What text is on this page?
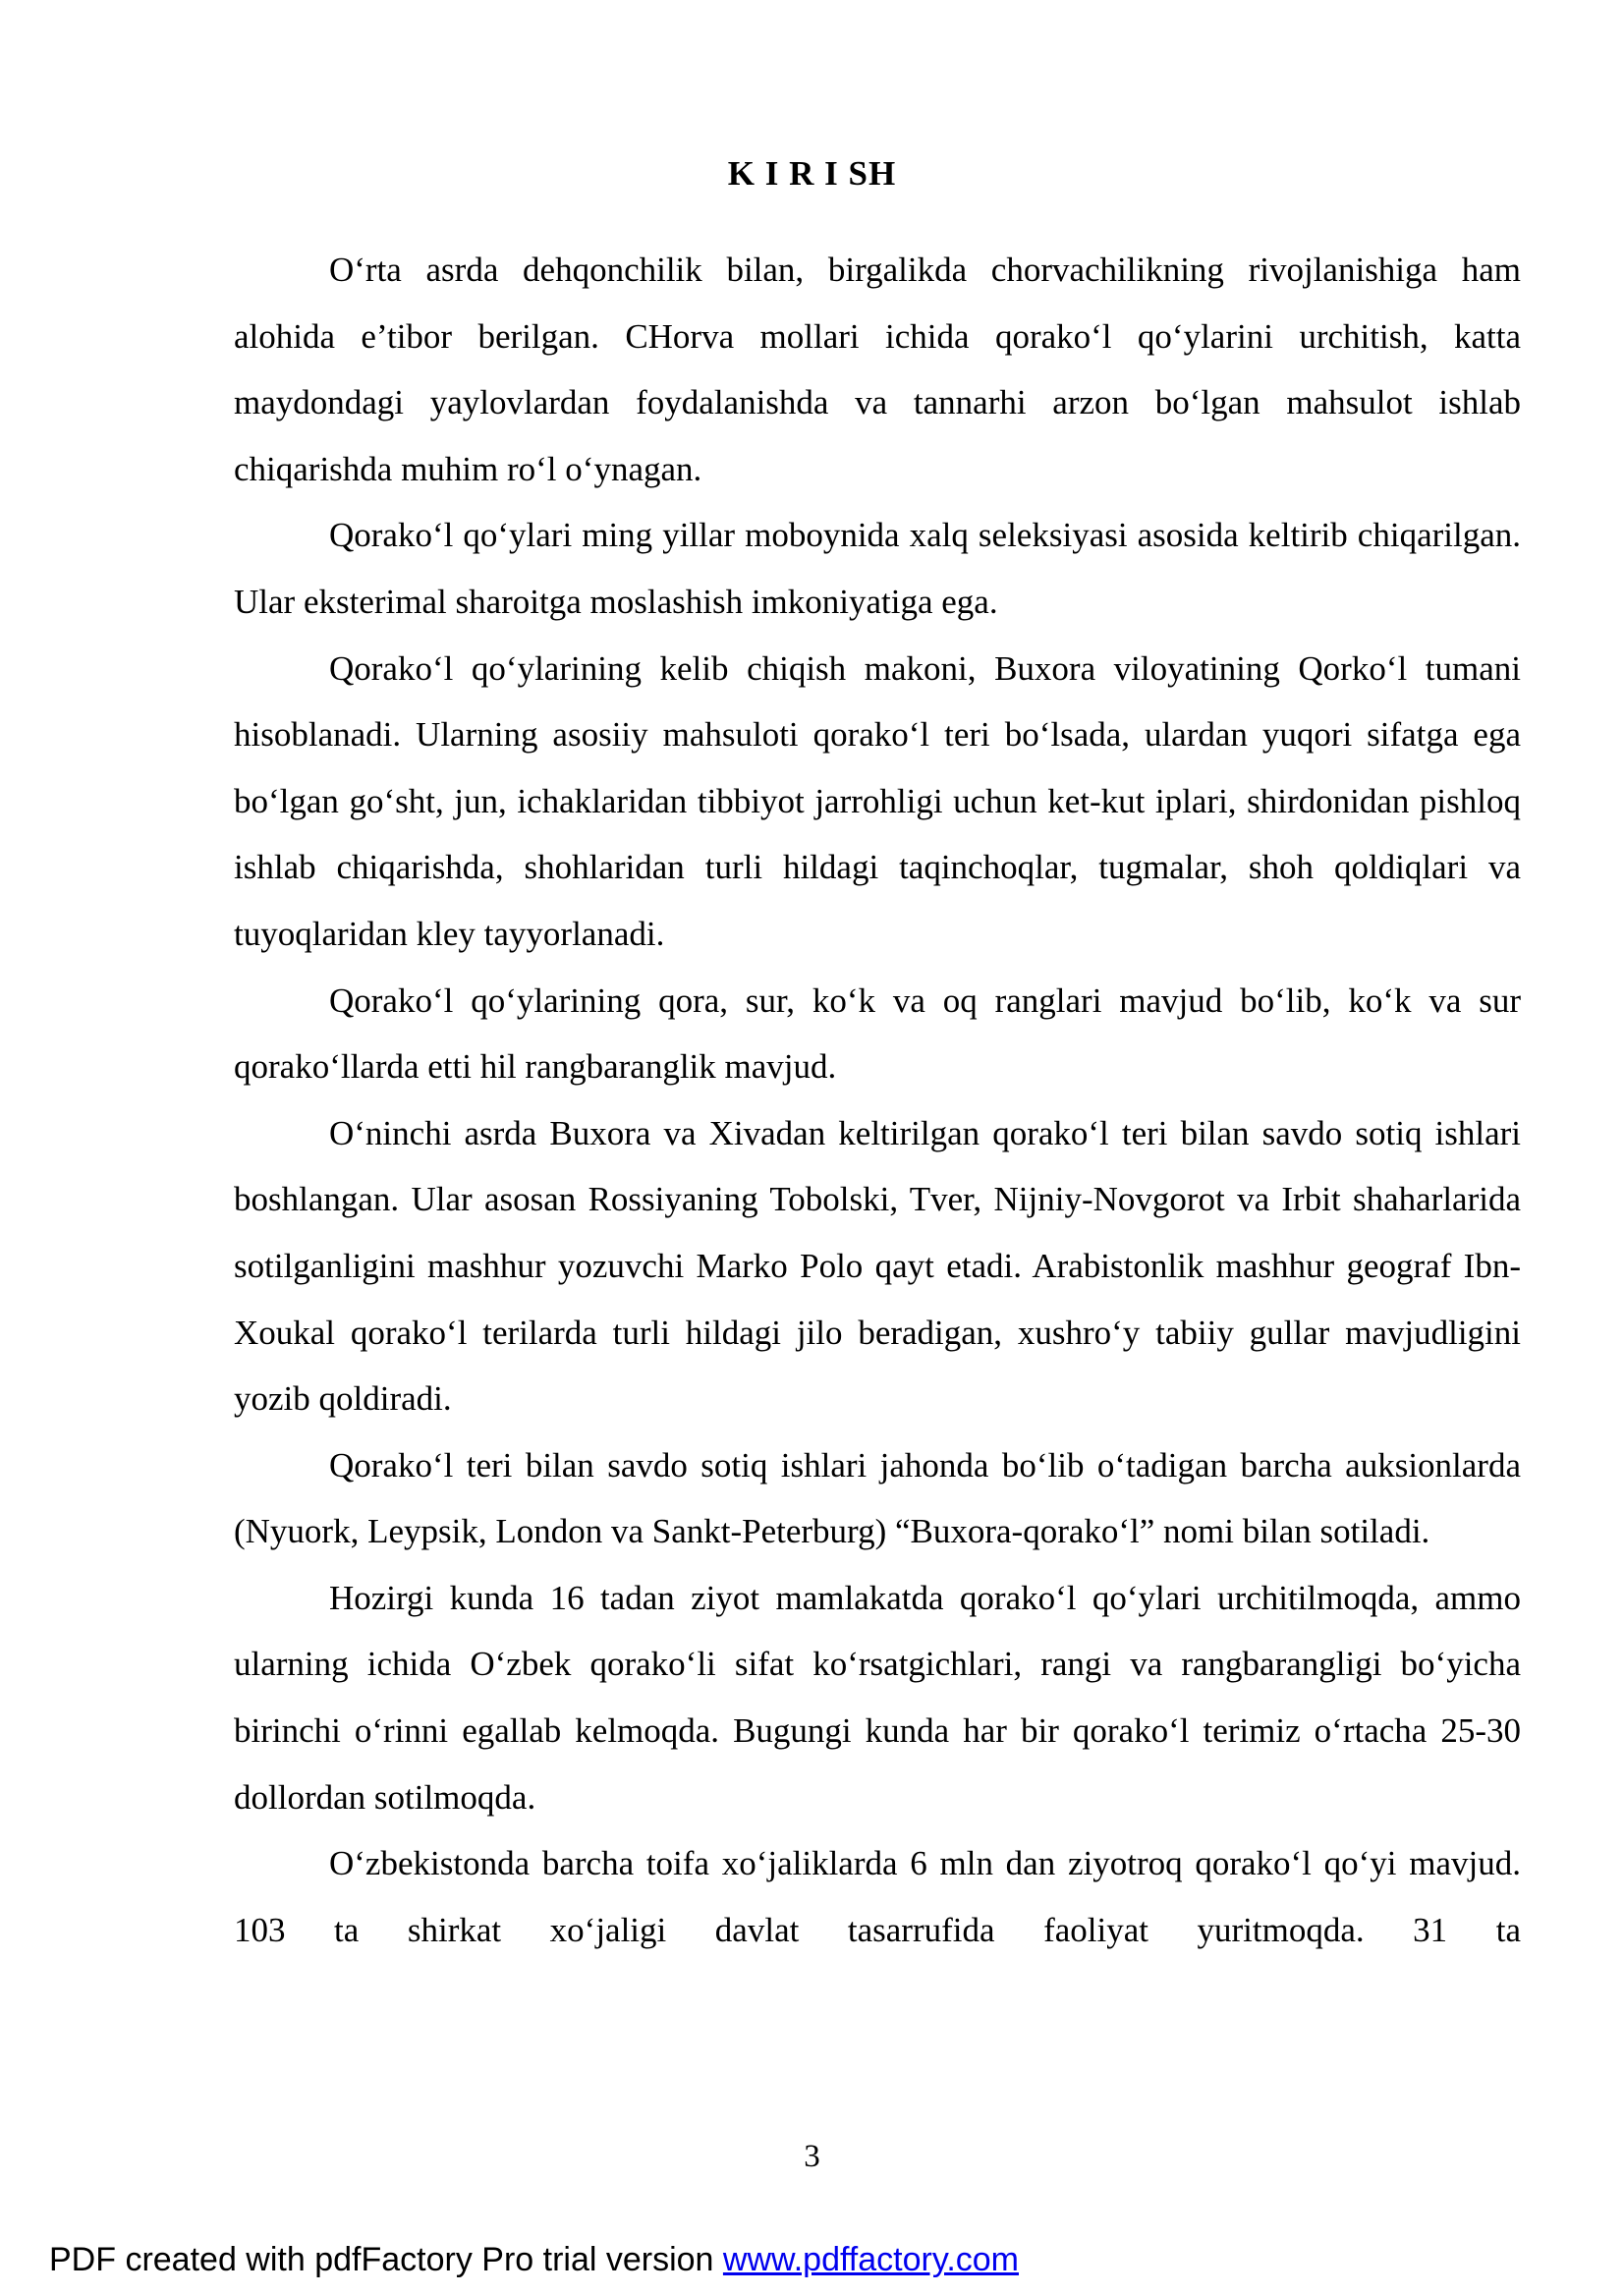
K I R I SH

O‘rta asrda dehqonchilik bilan, birgalikda chorvachilikning rivojlanishiga ham alohida e’tibor berilgan. CHorva mollari ichida qorako‘l qo‘ylarini urchitish, katta maydondagi yaylovlardan foydalanishda va tannarhi arzon bo‘lgan mahsulot ishlab chiqarishda muhim ro‘l o‘ynagan.

Qorako‘l qo‘ylari ming yillar moboynida xalq seleksiyasi asosida keltirib chiqarilgan. Ular eksterimal sharoitga moslashish imkoniyatiga ega.

Qorako‘l qo‘ylarining kelib chiqish makoni, Buxora viloyatining Qorko‘l tumani hisoblanadi. Ularning asosiiy mahsuloti qorako‘l teri bo‘lsada, ulardan yuqori sifatga ega bo‘lgan go‘sht, jun, ichaklaridan tibbiyot jarrohligi uchun ket-kut iplari, shirdonidan pishloq ishlab chiqarishda, shohlaridan turli hildagi taqinchoqlar, tugmalar, shoh qoldiqlari va tuyoqlaridan kley tayyorlanadi.

Qorako‘l qo‘ylarining qora, sur, ko‘k va oq ranglari mavjud bo‘lib, ko‘k va sur qorako‘llarda etti hil rangbaranglik mavjud.

O‘ninchi asrda Buxora va Xivadan keltirilgan qorako‘l teri bilan savdo sotiq ishlari boshlangan. Ular asosan Rossiyaning Tobolski, Tver, Nijniy-Novgorot va Irbit shaharlarida sotilganligini mashhur yozuvchi Marko Polo qayt etadi. Arabistonlik mashhur geograf Ibn-Xoukal qorako‘l terilarda turli hildagi jilo beradigan, xushro‘y tabiiy gullar mavjudligini yozib qoldiradi.

Qorako‘l teri bilan savdo sotiq ishlari jahonda bo‘lib o‘tadigan barcha auksionlarda (Nyuork, Leypsik, London va Sankt-Peterburg) “Buxora-qorako‘l” nomi bilan sotiladi.

Hozirgi kunda 16 tadan ziyot mamlakatda qorako‘l qo‘ylari urchitilmoqda, ammo ularning ichida O‘zbek qorako‘li sifat ko‘rsatgichlari, rangi va rangbarangligi bo‘yicha birinchi o‘rinni egallab kelmoqda. Bugungi kunda har bir qorako‘l terimiz o‘rtacha 25-30 dollordan sotilmoqda.

O‘zbekistonda barcha toifa xo‘jaliklarda 6 mln dan ziyotroq qorako‘l qo‘yi mavjud. 103 ta shirkat xo‘jaligi davlat tasarrufida faoliyat yuritmoqda. 31 ta

3
PDF created with pdfFactory Pro trial version www.pdffactory.com
